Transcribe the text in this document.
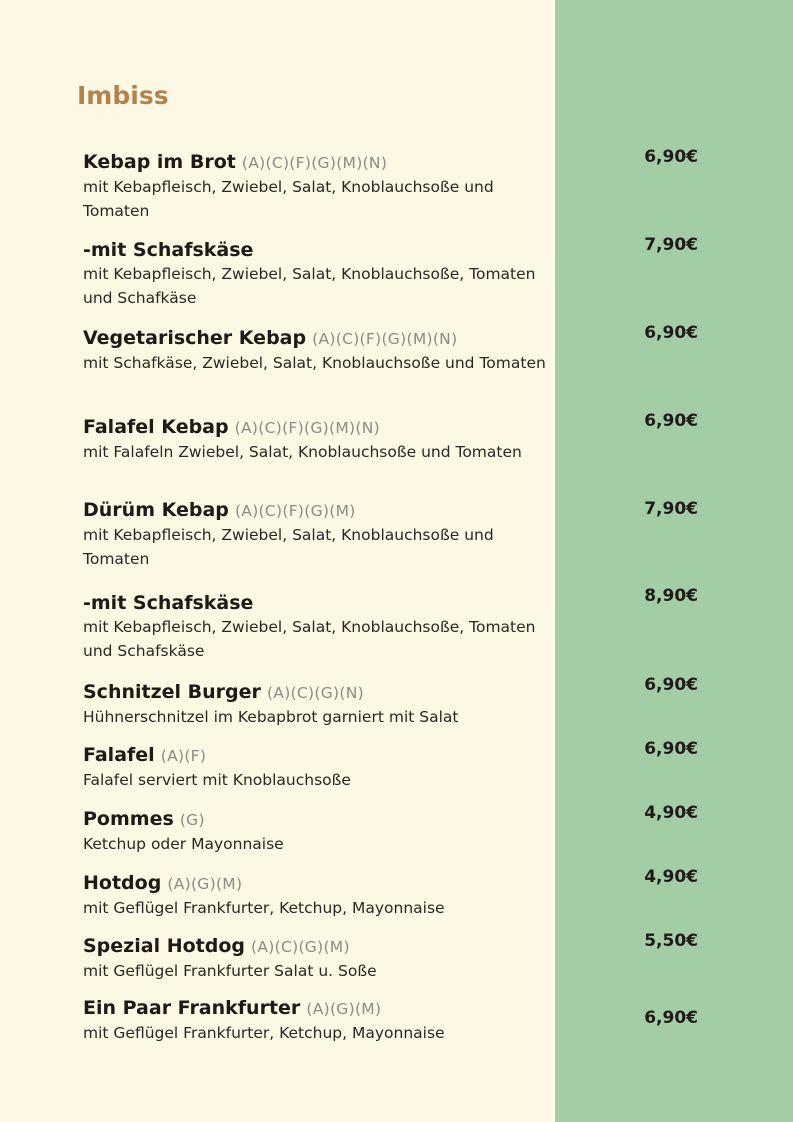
Imbiss
Kebap im Brot (A)(C)(F)(G)(M)(N)
mit Kebapfleisch, Zwiebel, Salat, Knoblauchsoße und Tomaten
6,90€
-mit Schafskäse
mit Kebapfleisch, Zwiebel, Salat, Knoblauchsoße, Tomaten und Schafkäse
7,90€
Vegetarischer Kebap (A)(C)(F)(G)(M)(N)
mit Schafkäse, Zwiebel, Salat, Knoblauchsoße und Tomaten
6,90€
Falafel Kebap (A)(C)(F)(G)(M)(N)
mit Falafeln Zwiebel, Salat, Knoblauchsoße und Tomaten
6,90€
Dürüm Kebap (A)(C)(F)(G)(M)
mit Kebapfleisch, Zwiebel, Salat, Knoblauchsoße und Tomaten
7,90€
-mit Schafskäse
mit Kebapfleisch, Zwiebel, Salat, Knoblauchsoße, Tomaten und Schafskäse
8,90€
Schnitzel Burger (A)(C)(G)(N)
Hühnerschnitzel im Kebapbrot garniert mit Salat
6,90€
Falafel (A)(F)
Falafel serviert mit Knoblauchsoße
6,90€
Pommes (G)
Ketchup oder Mayonnaise
4,90€
Hotdog (A)(G)(M)
mit Geflügel Frankfurter, Ketchup, Mayonnaise
4,90€
Spezial Hotdog (A)(C)(G)(M)
mit Geflügel Frankfurter Salat u. Soße
5,50€
Ein Paar Frankfurter (A)(G)(M)
mit Geflügel Frankfurter, Ketchup, Mayonnaise
6,90€
